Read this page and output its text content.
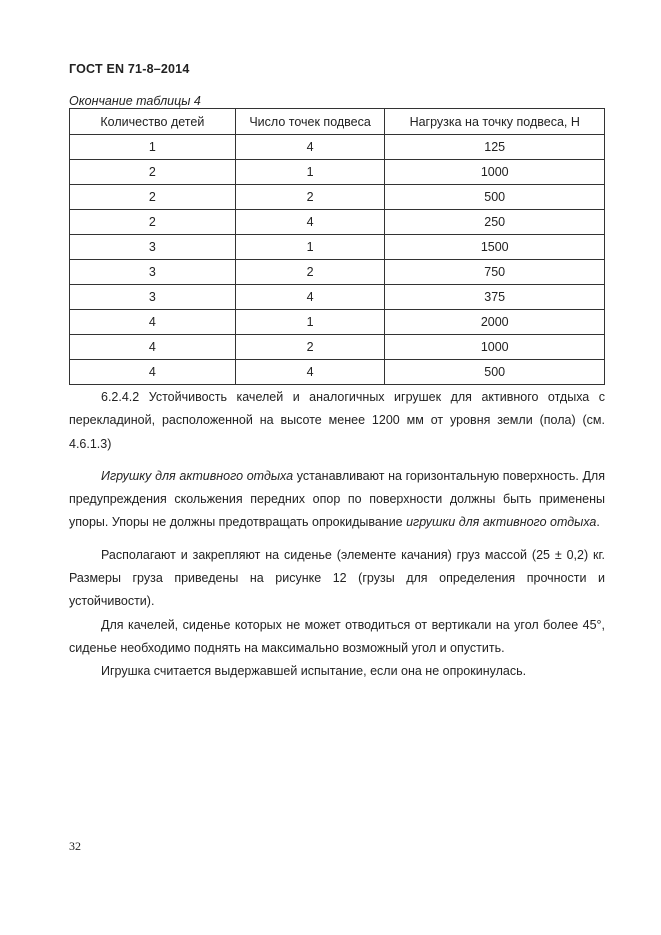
ГОСТ EN 71-8–2014
Окончание таблицы 4
Количество детей	Число точек подвеса	Нагрузка на точку подвеса, Н
1	4	125
2	1	1000
2	2	500
2	4	250
3	1	1500
3	2	750
3	4	375
4	1	2000
4	2	1000
4	4	500

6.2.4.2 Устойчивость качелей и аналогичных игрушек для активного отдыха с перекладиной, расположенной на высоте менее 1200 мм от уровня земли (пола) (см. 4.6.1.3)

Игрушку для активного отдыха устанавливают на горизонтальную поверхность. Для предупреждения скольжения передних опор по поверхности должны быть применены упоры. Упоры не должны предотвращать опрокидывание игрушки для активного отдыха.

Располагают и закрепляют на сиденье (элементе качания) груз массой (25 ± 0,2) кг. Размеры груза приведены на рисунке 12 (грузы для определения прочности и устойчивости).

Для качелей, сиденье которых не может отводиться от вертикали на угол более 45°, сиденье необходимо поднять на максимально возможный угол и опустить.

Игрушка считается выдержавшей испытание, если она не опрокинулась.

32
